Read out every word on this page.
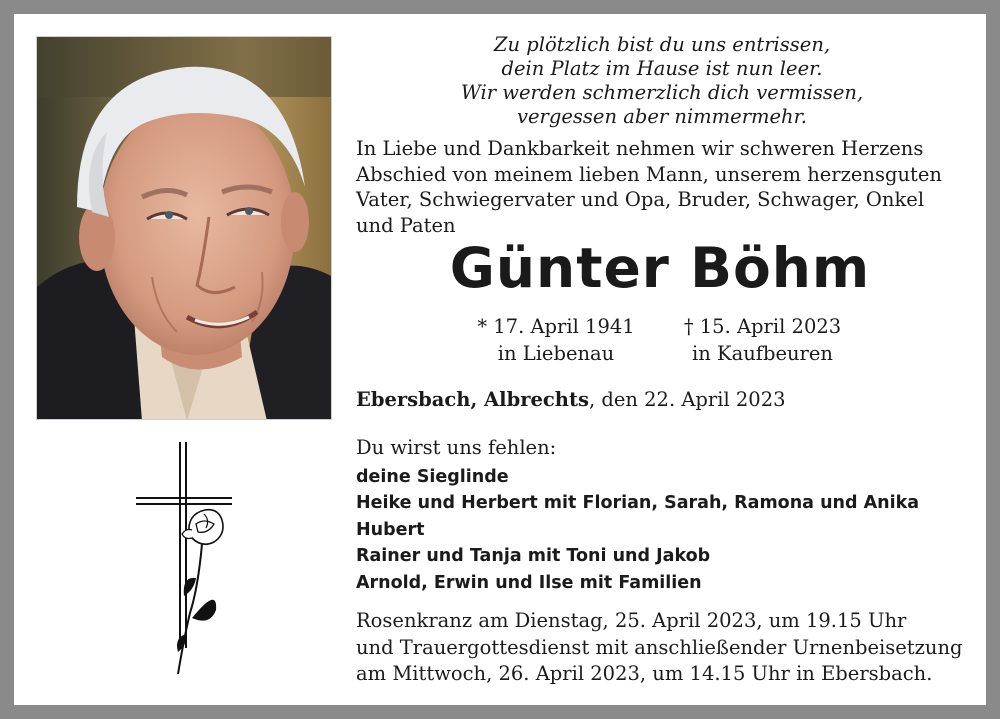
Zu plötzlich bist du uns entrissen,
dein Platz im Hause ist nun leer.
Wir werden schmerzlich dich vermissen,
vergessen aber nimmermehr.
In Liebe und Dankbarkeit nehmen wir schweren Herzens
Abschied von meinem lieben Mann, unserem herzensguten
Vater, Schwiegervater und Opa, Bruder, Schwager, Onkel
und Paten
Günter Böhm
* 17. April 1941
in Liebenau
† 15. April 2023
in Kaufbeuren
Ebersbach, Albrechts, den 22. April 2023
Du wirst uns fehlen:
deine Sieglinde
Heike und Herbert mit Florian, Sarah, Ramona und Anika
Hubert
Rainer und Tanja mit Toni und Jakob
Arnold, Erwin und Ilse mit Familien
Rosenkranz am Dienstag, 25. April 2023, um 19.15 Uhr
und Trauergottesdienst mit anschließender Urnenbeisetzung
am Mittwoch, 26. April 2023, um 14.15 Uhr in Ebersbach.
